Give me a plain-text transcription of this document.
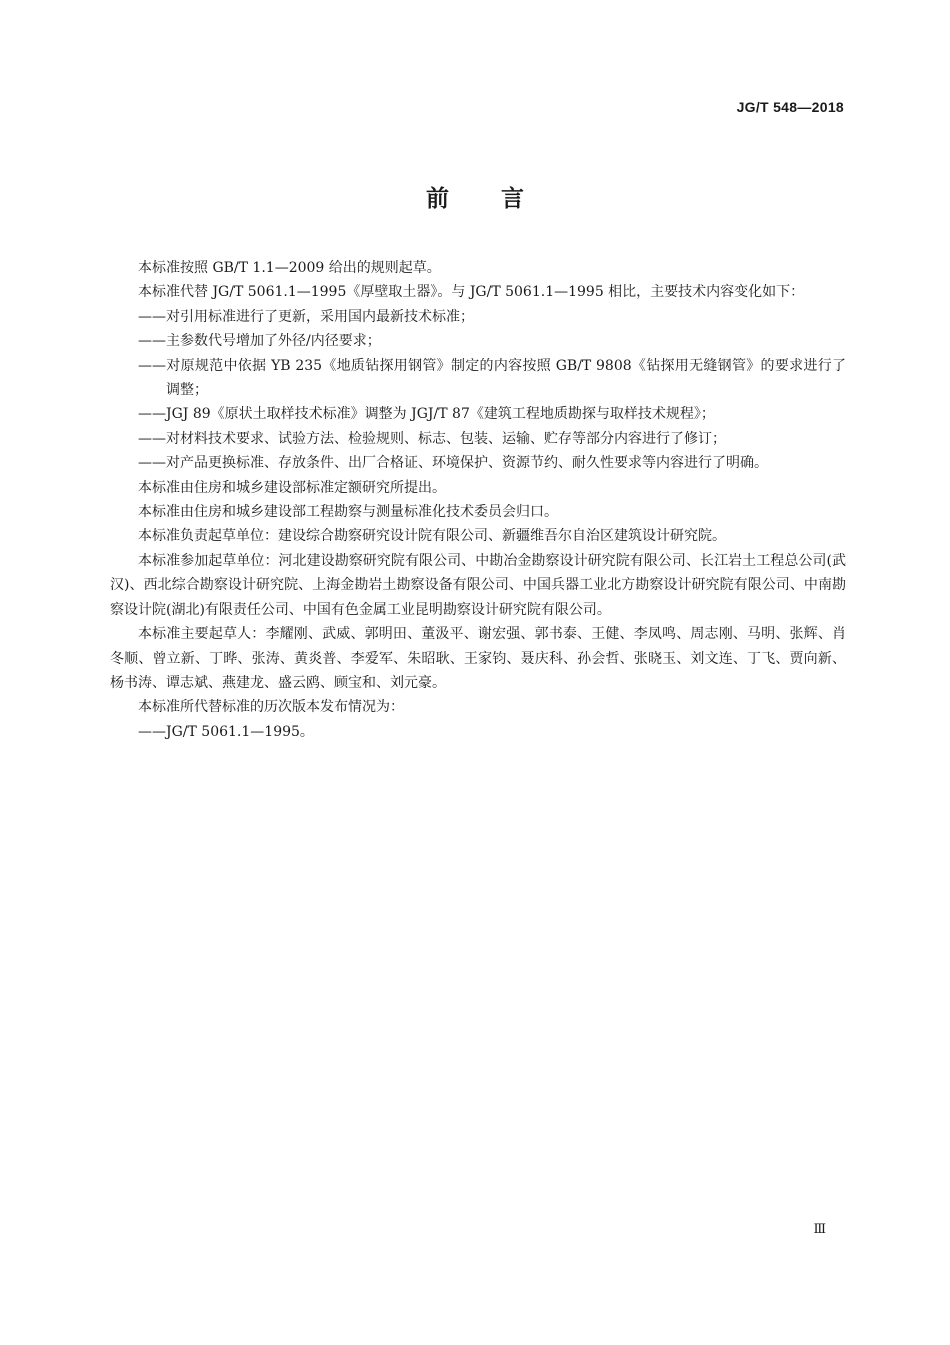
JG/T 548—2018
前言

本标准按照 GB/T 1.1—2009 给出的规则起草。

本标准代替 JG/T 5061.1—1995《厚壁取土器》。与 JG/T 5061.1—1995 相比，主要技术内容变化如下：

——对引用标准进行了更新，采用国内最新技术标准；

——主参数代号增加了外径/内径要求；

——对原规范中依据 YB 235《地质钻探用钢管》制定的内容按照 GB/T 9808《钻探用无缝钢管》的要求进行了调整；

——JGJ 89《原状土取样技术标准》调整为 JGJ/T 87《建筑工程地质勘探与取样技术规程》；

——对材料技术要求、试验方法、检验规则、标志、包装、运输、贮存等部分内容进行了修订；

——对产品更换标准、存放条件、出厂合格证、环境保护、资源节约、耐久性要求等内容进行了明确。

本标准由住房和城乡建设部标准定额研究所提出。

本标准由住房和城乡建设部工程勘察与测量标准化技术委员会归口。

本标准负责起草单位：建设综合勘察研究设计院有限公司、新疆维吾尔自治区建筑设计研究院。

本标准参加起草单位：河北建设勘察研究院有限公司、中勘冶金勘察设计研究院有限公司、长江岩土工程总公司(武汉)、西北综合勘察设计研究院、上海金勘岩土勘察设备有限公司、中国兵器工业北方勘察设计研究院有限公司、中南勘察设计院(湖北)有限责任公司、中国有色金属工业昆明勘察设计研究院有限公司。

本标准主要起草人：李耀刚、武威、郭明田、董汲平、谢宏强、郭书泰、王健、李凤鸣、周志刚、马明、张辉、肖冬顺、曾立新、丁晔、张涛、黄炎普、李爱军、朱昭耿、王家钧、聂庆科、孙会哲、张晓玉、刘文连、丁飞、贾向新、杨书涛、谭志斌、燕建龙、盛云鸥、顾宝和、刘元豪。

本标准所代替标准的历次版本发布情况为：

——JG/T 5061.1—1995。

Ⅲ
